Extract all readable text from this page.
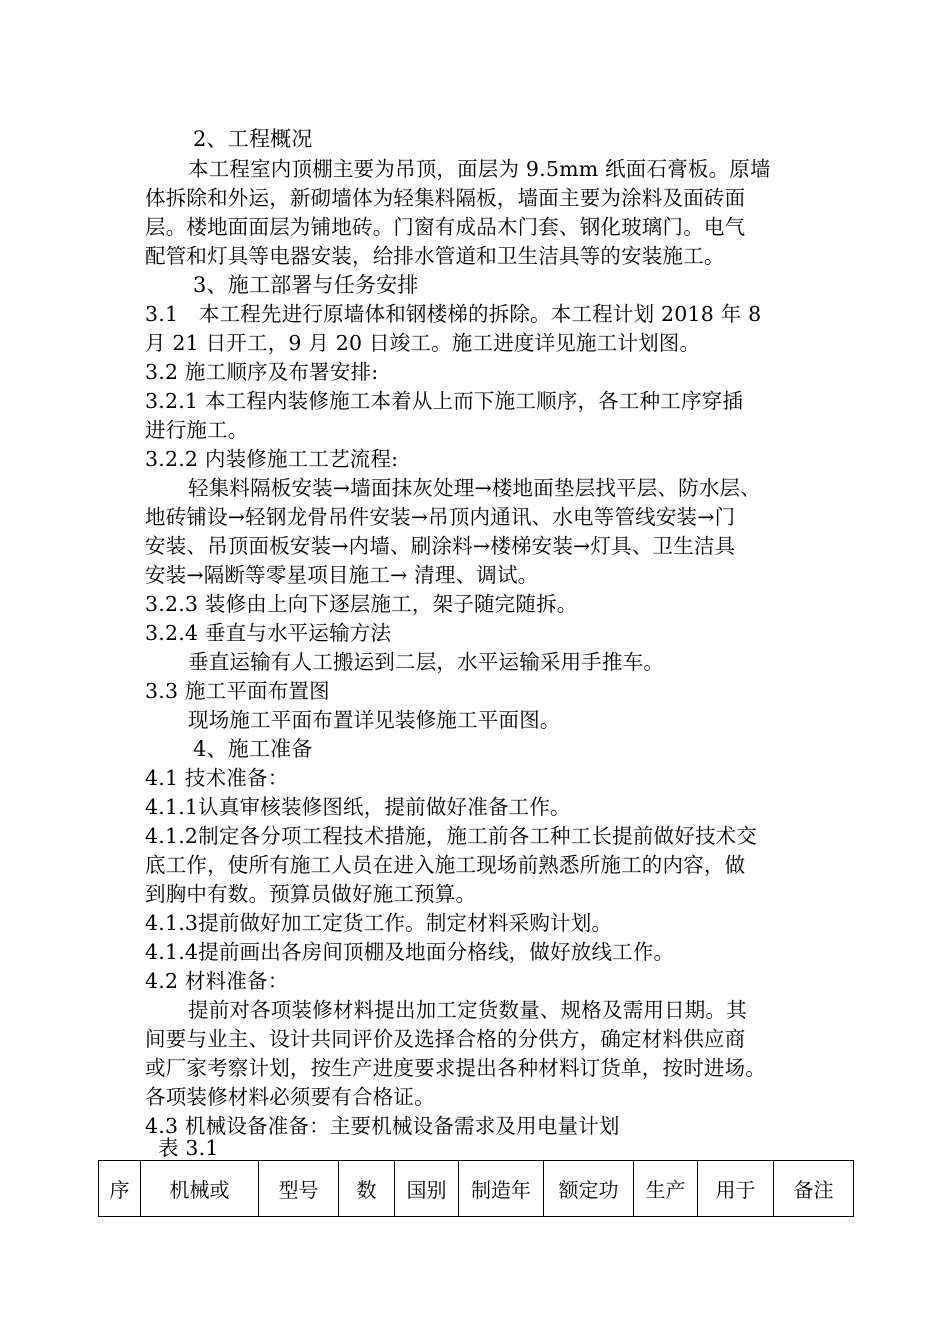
2、工程概况
本工程室内顶棚主要为吊顶，面层为 9.5mm 纸面石膏板。原墙
体拆除和外运，新砌墙体为轻集料隔板，墙面主要为涂料及面砖面
层。楼地面面层为铺地砖。门窗有成品木门套、钢化玻璃门。电气
配管和灯具等电器安装，给排水管道和卫生洁具等的安装施工。
3、施工部署与任务安排
3.1　本工程先进行原墙体和钢楼梯的拆除。本工程计划 2018 年 8
月 21 日开工，9 月 20 日竣工。施工进度详见施工计划图。
3.2 施工顺序及布署安排:
3.2.1 本工程内装修施工本着从上而下施工顺序，各工种工序穿插
进行施工。
3.2.2 内装修施工工艺流程:
轻集料隔板安装→墙面抹灰处理→楼地面垫层找平层、防水层、
地砖铺设→轻钢龙骨吊件安装→吊顶内通讯、水电等管线安装→门
安装、吊顶面板安装→内墙、刷涂料→楼梯安装→灯具、卫生洁具
安装→隔断等零星项目施工→ 清理、调试。
3.2.3 装修由上向下逐层施工，架子随完随拆。
3.2.4 垂直与水平运输方法
垂直运输有人工搬运到二层，水平运输采用手推车。
3.3 施工平面布置图
现场施工平面布置详见装修施工平面图。
4、施工准备
4.1 技术准备：
4.1.1认真审核装修图纸，提前做好准备工作。
4.1.2制定各分项工程技术措施，施工前各工种工长提前做好技术交
底工作，使所有施工人员在进入施工现场前熟悉所施工的内容，做
到胸中有数。预算员做好施工预算。
4.1.3提前做好加工定货工作。制定材料采购计划。
4.1.4提前画出各房间顶棚及地面分格线，做好放线工作。
4.2 材料准备：
提前对各项装修材料提出加工定货数量、规格及需用日期。其
间要与业主、设计共同评价及选择合格的分供方，确定材料供应商
或厂家考察计划，按生产进度要求提出各种材料订货单，按时进场。
各项装修材料必须要有合格证。
4.3 机械设备准备：主要机械设备需求及用电量计划
表 3.1
序	机械或	型号	数	国别	制造年	额定功	生产	用于	备注
